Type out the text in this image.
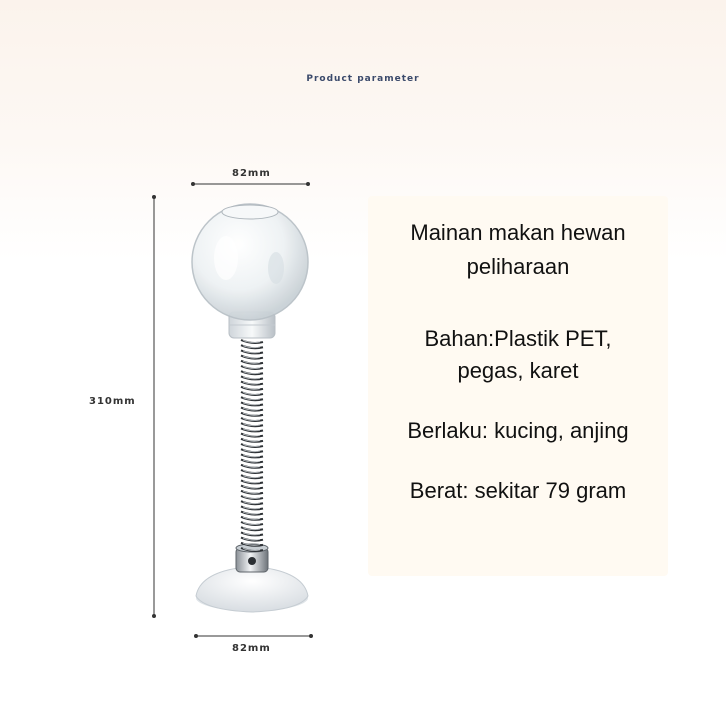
Product parameter
82mm
310mm
82mm
Mainan makan hewan
peliharaan
Bahan:Plastik PET,
pegas, karet
Berlaku: kucing, anjing
Berat: sekitar 79 gram
